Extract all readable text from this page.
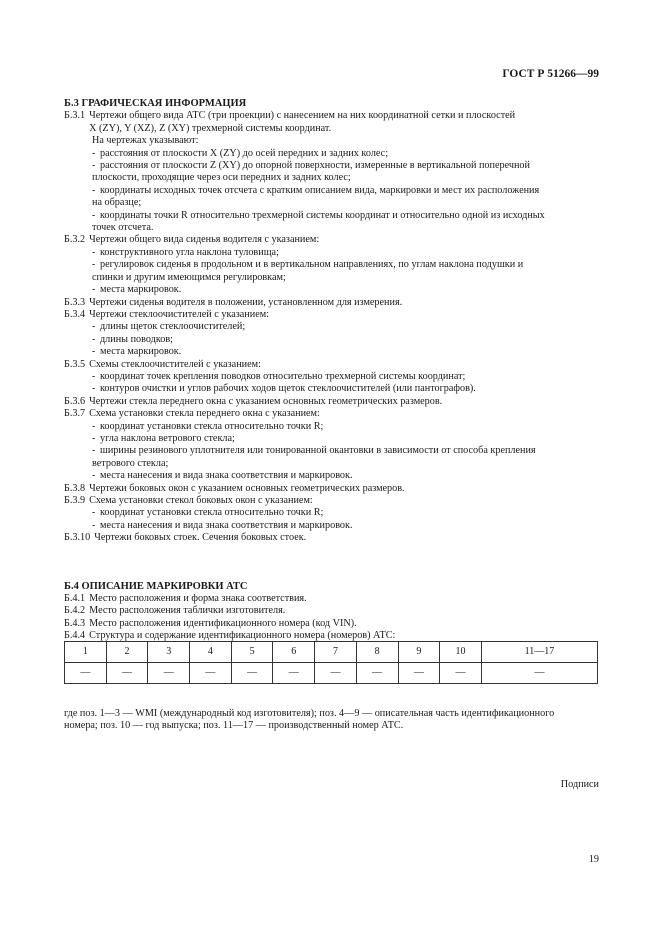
ГОСТ Р 51266—99

Б.3 ГРАФИЧЕСКАЯ ИНФОРМАЦИЯ

Б.3.1 Чертежи общего вида АТС (три проекции) с нанесением на них координатной сетки и плоскостей

X (ZY), Y (XZ), Z (XY) трехмерной системы координат.

На чертежах указывают:
- расстояния от плоскости X (ZY) до осей передних и задних колес;
- расстояния от плоскости Z (XY) до опорной поверхности, измеренные в вертикальной поперечной
плоскости, проходящие через оси передних и задних колес;
- координаты исходных точек отсчета с кратким описанием вида, маркировки и мест их расположения
на образце;
- координаты точки R относительно трехмерной системы координат и относительно одной из исходных
точек отсчета.
Б.3.2 Чертежи общего вида сиденья водителя с указанием:

- конструктивного угла наклона туловища;
- регулировок сиденья в продольном и в вертикальном направлениях, по углам наклона подушки и
спинки и другим имеющимся регулировкам;
- места маркировок.
Б.3.3 Чертежи сиденья водителя в положении, установленном для измерения.

Б.3.4 Чертежи стеклоочистителей с указанием:

- длины щеток стеклоочистителей;
- длины поводков;
- места маркировок.
Б.3.5 Схемы стеклоочистителей с указанием:

- координат точек крепления поводков относительно трехмерной системы координат;
- контуров очистки и углов рабочих ходов щеток стеклоочистителей (или пантографов).
Б.3.6 Чертежи стекла переднего окна с указанием основных геометрических размеров.

Б.3.7 Схема установки стекла переднего окна с указанием:

- координат установки стекла относительно точки R;
- угла наклона ветрового стекла;
- ширины резинового уплотнителя или тонированной окантовки в зависимости от способа крепления
ветрового стекла;
- места нанесения и вида знака соответствия и маркировок.
Б.3.8 Чертежи боковых окон с указанием основных геометрических размеров.

Б.3.9 Схема установки стекол боковых окон с указанием:

- координат установки стекла относительно точки R;
- места нанесения и вида знака соответствия и маркировок.
Б.3.10 Чертежи боковых стоек. Сечения боковых стоек.

Б.4 ОПИСАНИЕ МАРКИРОВКИ АТС

Б.4.1 Место расположения и форма знака соответствия.
Б.4.2 Место расположения таблички изготовителя.
Б.4.3 Место расположения идентификационного номера (код VIN).
Б.4.4 Структура и содержание идентификационного номера (номеров) АТС:
1	2	3	4	5	6	7	8	9	10	11—17
—	—	—	—	—	—	—	—	—	—	—

где поз. 1—3 — WMI (международный код изготовителя); поз. 4—9 — описательная часть идентификационного

номера; поз. 10 — год выпуска; поз. 11—17 — производственный номер АТС.

Подписи
19
